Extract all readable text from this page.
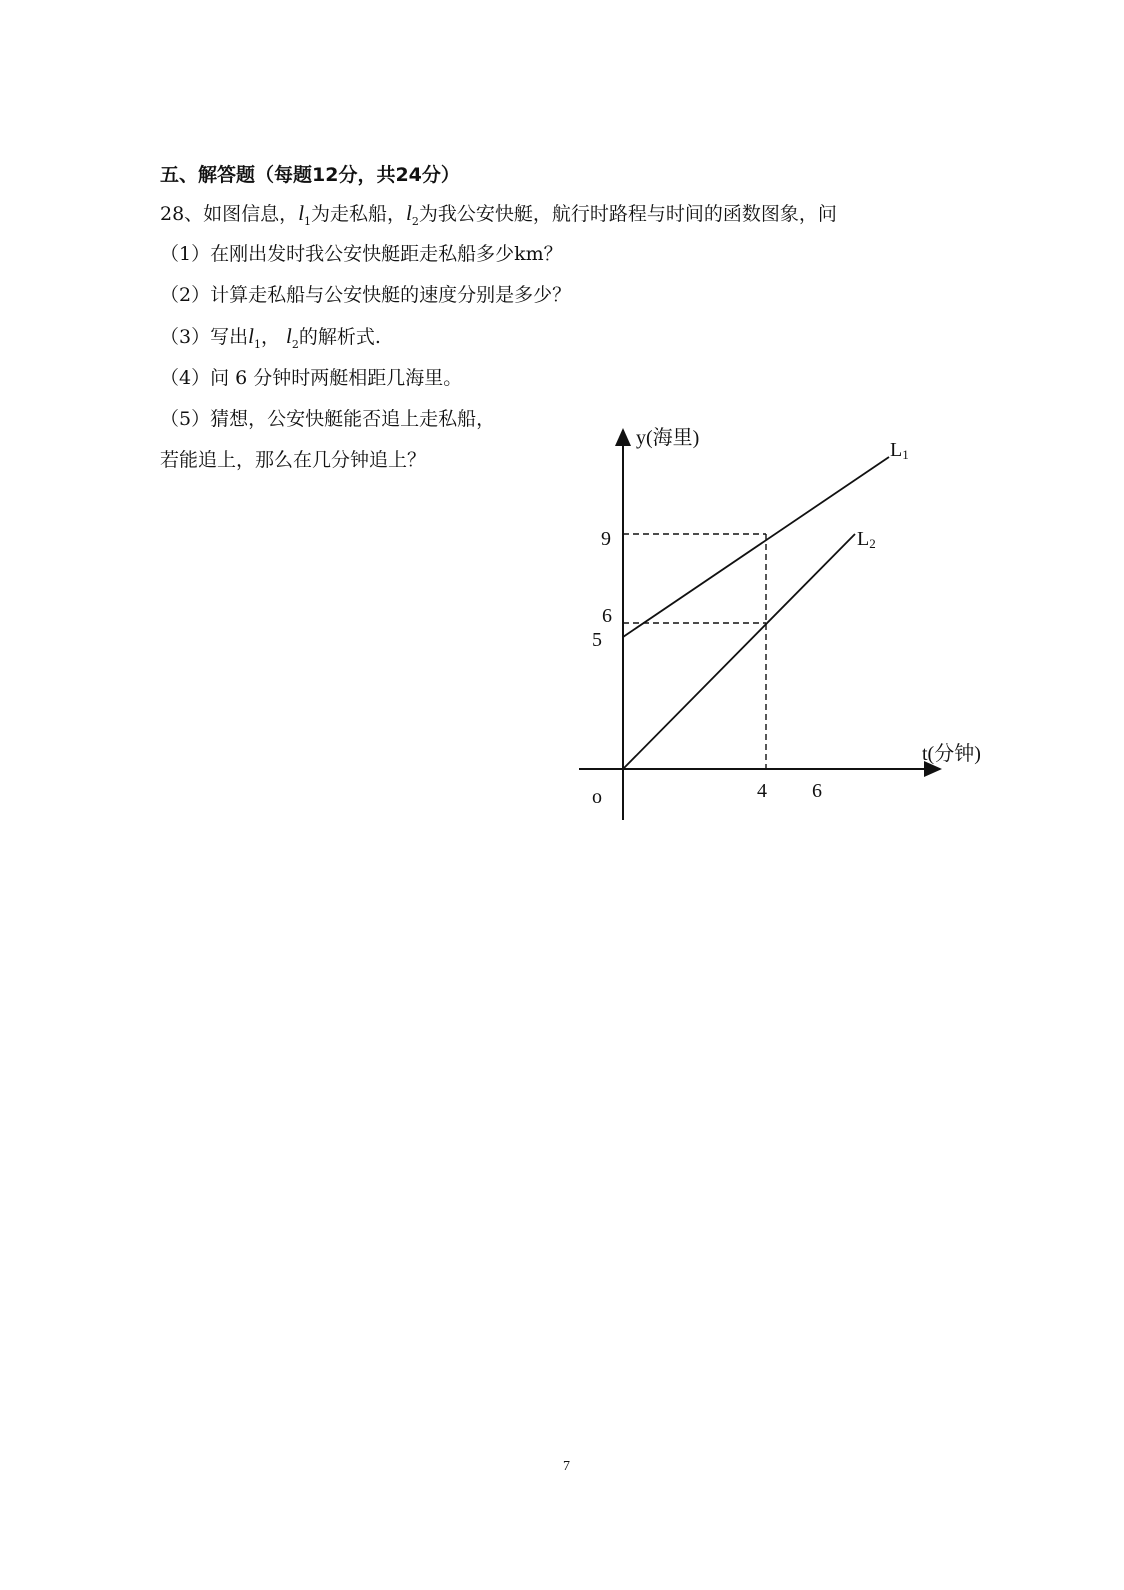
五、解答题（每题12分，共24分）
28、如图信息，$l_1$为走私船，$l_2$为我公安快艇，航行时路程与时间的函数图象，问
（1）在刚出发时我公安快艇距走私船多少km？
（2）计算走私船与公安快艇的速度分别是多少？
（3）写出$l_1$， $l_2$的解析式.
（4）问 6 分钟时两艇相距几海里。
（5）猜想，公安快艇能否追上走私船，
若能追上，那么在几分钟追上？
y(海里)
t(分钟)
o
9
6
5
4 6
L1
L2
7
